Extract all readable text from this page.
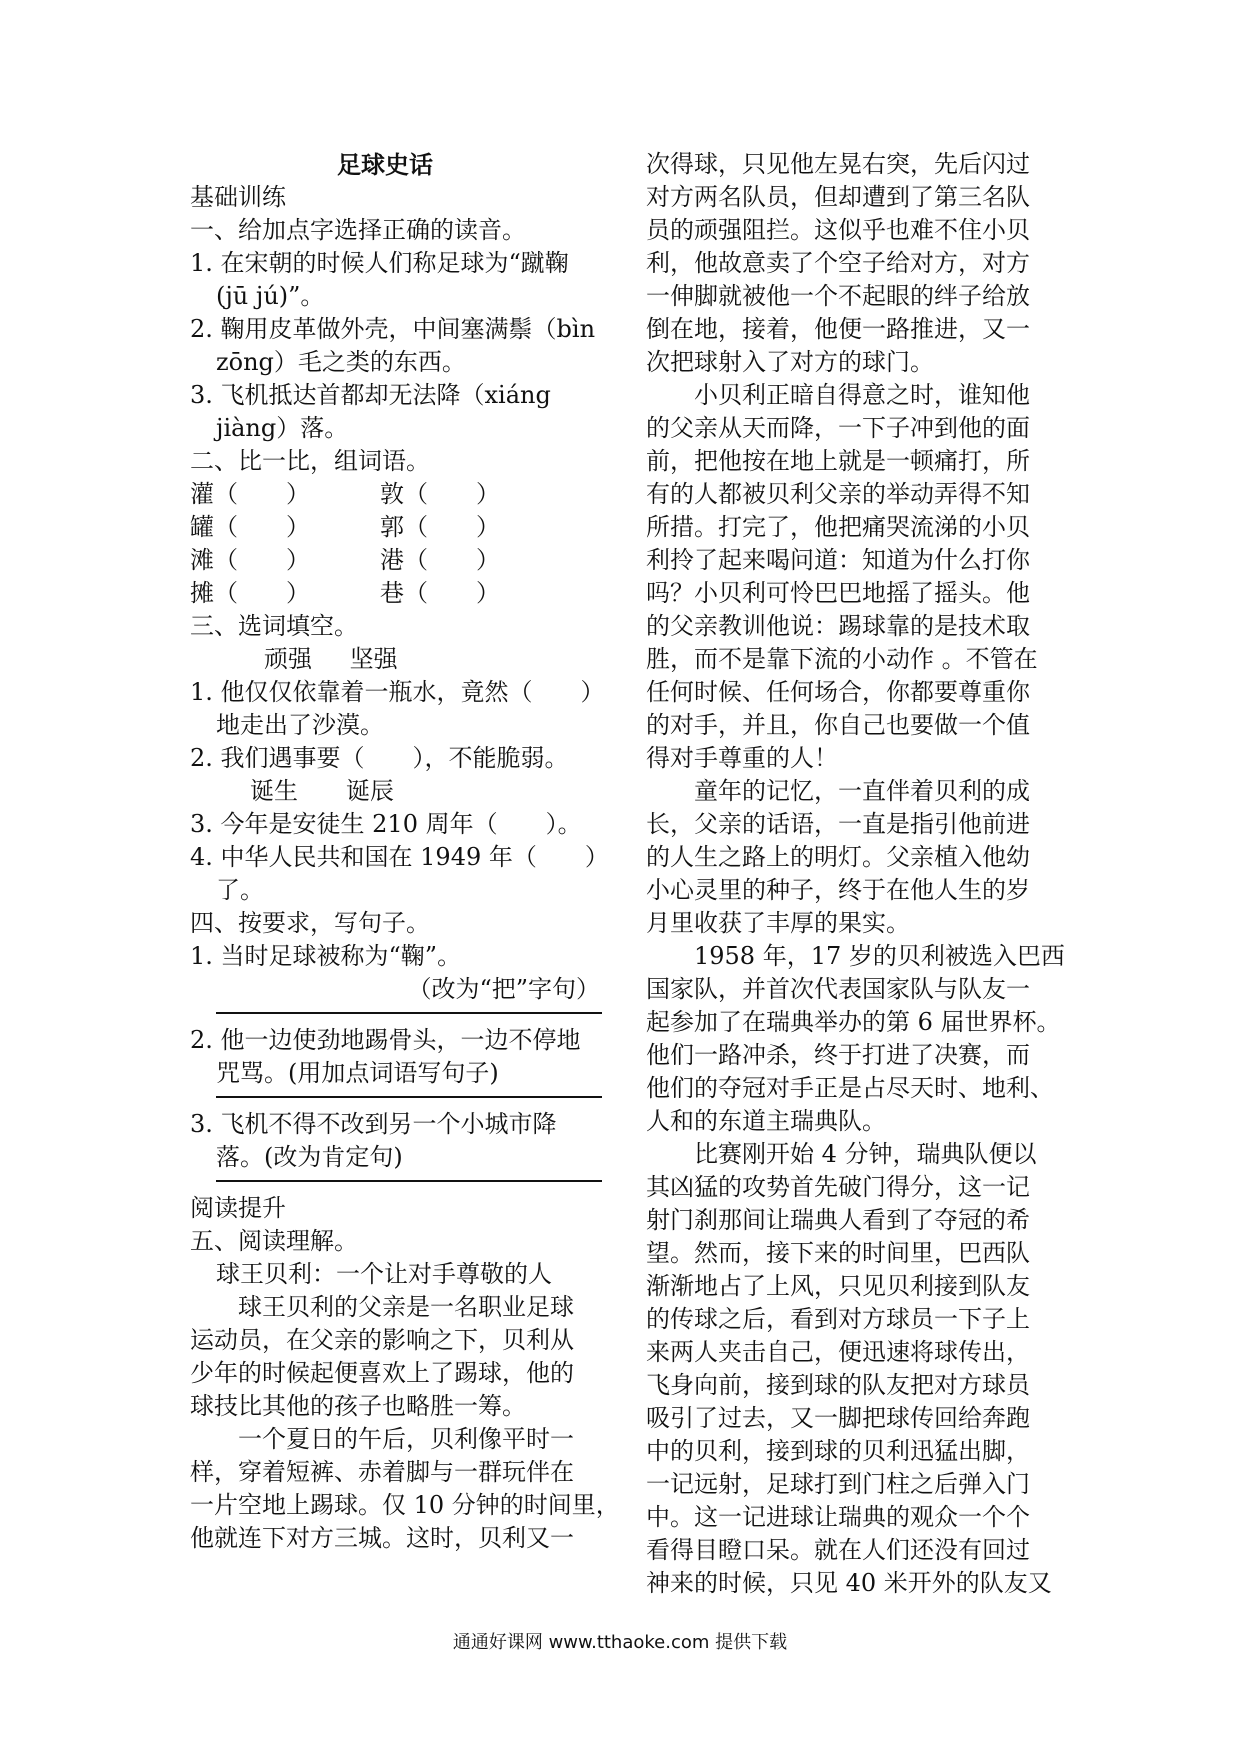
足球史话
基础训练
一、给加点字选择正确的读音。
1. 在宋朝的时候人们称足球为“蹴鞠
(jū jú)”。
2. 鞠用皮革做外壳，中间塞满鬃（bìn
zōng）毛之类的东西。
3. 飞机抵达首都却无法降（xiáng
jiàng）落。
二、比一比，组词语。
灌（　　）	敦（　　）
罐（　　）	郭（　　）
滩（　　）	港（　　）
摊（　　）	巷（　　）
三、选词填空。
顽强 坚强
1. 他仅仅依靠着一瓶水，竟然（　　）
地走出了沙漠。
2. 我们遇事要（　　），不能脆弱。
诞生　　诞辰
3. 今年是安徒生 210 周年（　　）。
4. 中华人民共和国在 1949 年（　　）
了。
四、按要求，写句子。
1. 当时足球被称为“鞠”。
（改为“把”字句）
2. 他一边使劲地踢骨头，一边不停地
咒骂。(用加点词语写句子)
3. 飞机不得不改到另一个小城市降
落。(改为肯定句)
阅读提升
五、阅读理解。
球王贝利：一个让对手尊敬的人
球王贝利的父亲是一名职业足球
运动员，在父亲的影响之下，贝利从
少年的时候起便喜欢上了踢球，他的
球技比其他的孩子也略胜一筹。
一个夏日的午后，贝利像平时一
样，穿着短裤、赤着脚与一群玩伴在
一片空地上踢球。仅 10 分钟的时间里，
他就连下对方三城。这时，贝利又一
次得球，只见他左晃右突，先后闪过
对方两名队员，但却遭到了第三名队
员的顽强阻拦。这似乎也难不住小贝
利，他故意卖了个空子给对方，对方
一伸脚就被他一个不起眼的绊子给放
倒在地，接着，他便一路推进，又一
次把球射入了对方的球门。
小贝利正暗自得意之时，谁知他
的父亲从天而降，一下子冲到他的面
前，把他按在地上就是一顿痛打，所
有的人都被贝利父亲的举动弄得不知
所措。打完了，他把痛哭流涕的小贝
利拎了起来喝问道：知道为什么打你
吗？小贝利可怜巴巴地摇了摇头。他
的父亲教训他说：踢球靠的是技术取
胜，而不是靠下流的小动作 。不管在
任何时候、任何场合，你都要尊重你
的对手，并且，你自己也要做一个值
得对手尊重的人！
童年的记忆，一直伴着贝利的成
长，父亲的话语，一直是指引他前进
的人生之路上的明灯。父亲植入他幼
小心灵里的种子，终于在他人生的岁
月里收获了丰厚的果实。
1958 年，17 岁的贝利被选入巴西
国家队，并首次代表国家队与队友一
起参加了在瑞典举办的第 6 届世界杯。
他们一路冲杀，终于打进了决赛，而
他们的夺冠对手正是占尽天时、地利、
人和的东道主瑞典队。
比赛刚开始 4 分钟，瑞典队便以
其凶猛的攻势首先破门得分，这一记
射门刹那间让瑞典人看到了夺冠的希
望。然而，接下来的时间里，巴西队
渐渐地占了上风，只见贝利接到队友
的传球之后，看到对方球员一下子上
来两人夹击自己，便迅速将球传出，
飞身向前，接到球的队友把对方球员
吸引了过去，又一脚把球传回给奔跑
中的贝利，接到球的贝利迅猛出脚，
一记远射，足球打到门柱之后弹入门
中。这一记进球让瑞典的观众一个个
看得目瞪口呆。就在人们还没有回过
神来的时候，只见 40 米开外的队友又
通通好课网 www.tthaoke.com 提供下载
